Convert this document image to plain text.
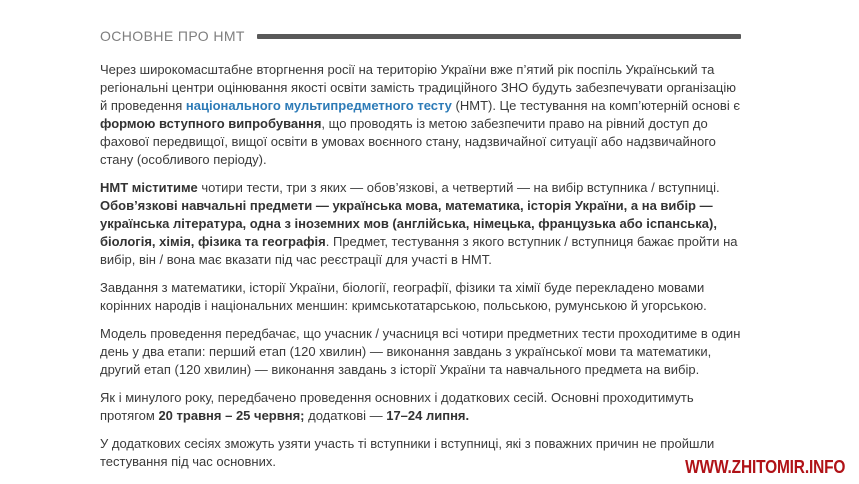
ОСНОВНЕ ПРО НМТ

Через широкомасштабне вторгнення росії на територію України вже п’ятий рік поспіль Український та регіональні центри оцінювання якості освіти замість традиційного ЗНО будуть забезпечувати організацію й проведення національного мультипредметного тесту (НМТ). Це тестування на комп’ютерній основі є формою вступного випробування, що проводять із метою забезпечити право на рівний доступ до фахової передвищої, вищої освіти в умовах воєнного стану, надзвичайної ситуації або надзвичайного стану (особливого періоду).

НМТ міститиме чотири тести, три з яких — обов’язкові, а четвертий — на вибір вступника / вступниці. Обов’язкові навчальні предмети — українська мова, математика, історія України, а на вибір — українська література, одна з іноземних мов (англійська, німецька, французька або іспанська), біологія, хімія, фізика та географія. Предмет, тестування з якого вступник / вступниця бажає пройти на вибір, він / вона має вказати під час реєстрації для участі в НМТ.

Завдання з математики, історії України, біології, географії, фізики та хімії буде перекладено мовами корінних народів і національних меншин: кримськотатарською, польською, румунською й угорською.

Модель проведення передбачає, що учасник / учасниця всі чотири предметних тести проходитиме в один день у два етапи: перший етап (120 хвилин) — виконання завдань з української мови та математики, другий етап (120 хвилин) — виконання завдань з історії України та навчального предмета на вибір.

Як і минулого року, передбачено проведення основних і додаткових сесій. Основні проходитимуть протягом 20 травня – 25 червня; додаткові — 17–24 липня.

У додаткових сесіях зможуть узяти участь ті вступники і вступниці, які з поважних причин не пройшли тестування під час основних.	WWW.ZHITOMIR.INFO
